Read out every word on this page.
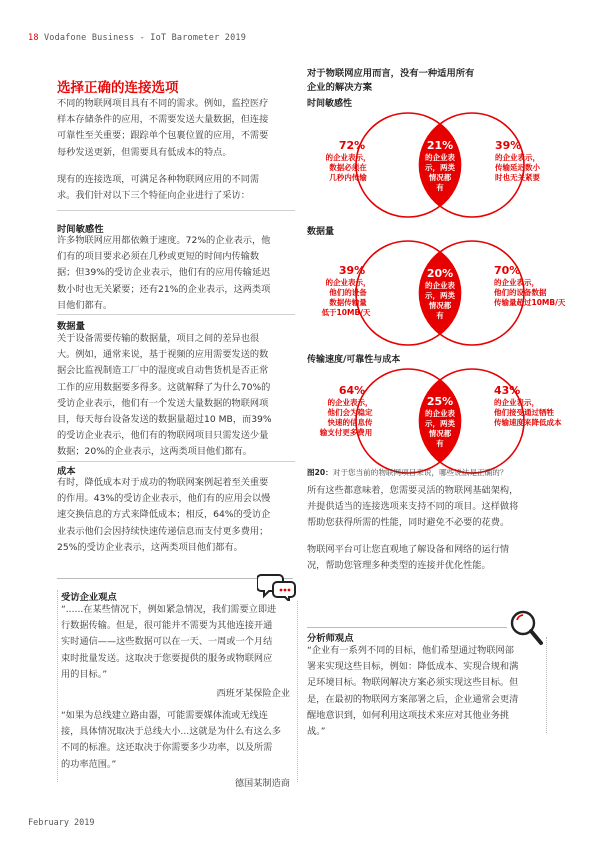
18 Vodafone Business - IoT Barometer 2019
February 2019
选择正确的连接选项

不同的物联网项目具有不同的需求。例如，监控医疗

样本存储条件的应用，不需要发送大量数据，但连接

可靠性至关重要；跟踪单个包裹位置的应用，不需要

每秒发送更新，但需要具有低成本的特点。

现有的连接选项，可满足各种物联网应用的不同需

求。我们针对以下三个特征向企业进行了采访：

时间敏感性

许多物联网应用都依赖于速度。72%的企业表示，他

们有的项目要求必须在几秒或更短的时间内传输数

据；但39%的受访企业表示，他们有的应用传输延迟

数小时也无关紧要；还有21%的企业表示，这两类项

目他们都有。

数据量

关于设备需要传输的数据量，项目之间的差异也很

大。例如，通常来说，基于视频的应用需要发送的数

据会比监视制造工厂中的湿度或自动售货机是否正常

工作的应用数据要多得多。这就解释了为什么70%的

受访企业表示，他们有一个发送大量数据的物联网项

目，每天每台设备发送的数据量超过10 MB，而39%

的受访企业表示，他们有的物联网项目只需发送少量

数据；20%的企业表示，这两类项目他们都有。

成本

有时，降低成本对于成功的物联网案例起着至关重要

的作用。43%的受访企业表示，他们有的应用会以慢

速交换信息的方式来降低成本；相反，64%的受访企

业表示他们会因持续快速传递信息而支付更多费用；

25%的受访企业表示，这两类项目他们都有。

受访企业观点

“......在某些情况下，例如紧急情况，我们需要立即进

行数据传输。但是，很可能并不需要为其他连接开通

实时通信——这些数据可以在一天、一周或一个月结

束时批量发送。这取决于您要提供的服务或物联网应

用的目标。”

西班牙某保险企业

“如果为总线建立路由器，可能需要媒体流或无线连

接，具体情况取决于总线大小...这就是为什么有这么多

不同的标准。这还取决于你需要多少功率，以及所需

的功率范围。”

德国某制造商
对于物联网应用而言，没有一种适用所有
企业的解决方案
时间敏感性
72%
的企业表示，
数据必须在
几秒内传输
21%
的企业表
示，两类
情况都
有
39%
的企业表示，
传输延迟数小
时也无关紧要
数据量
39%
的企业表示，
他们的设备
数据传输量
低于10MB/天
20%
的企业表
示，两类
情况都
有
70%
的企业表示，
他们的设备数据
传输量超过10MB/天
传输速度/可靠性与成本
64%
的企业表示，
他们会为稳定
快速的信息传
输支付更多费用
25%
的企业表
示，两类
情况都
有
43%
的企业表示，
他们接受通过牺牲
传输速度来降低成本
图20：对于您当前的物联网项目来说，哪些说法是正确的？

所有这些都意味着，您需要灵活的物联网基础架构，

并提供适当的连接选项来支持不同的项目。这样做将

帮助您获得所需的性能，同时避免不必要的花费。

物联网平台可让您直观地了解设备和网络的运行情

况，帮助您管理多种类型的连接并优化性能。

分析师观点

“企业有一系列不同的目标，他们希望通过物联网部

署来实现这些目标，例如：降低成本、实现合规和满

足环境目标。物联网解决方案必须实现这些目标。但

是，在最初的物联网方案部署之后，企业通常会更清

醒地意识到，如何利用这项技术来应对其他业务挑

战。”
